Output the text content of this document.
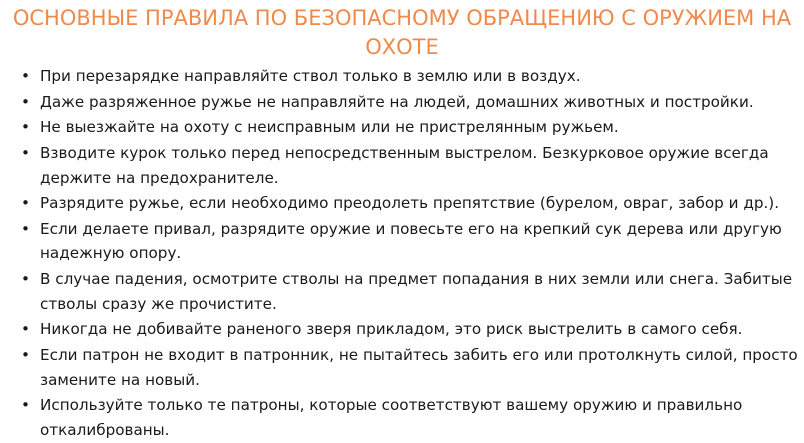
ОСНОВНЫЕ ПРАВИЛА ПО БЕЗОПАСНОМУ ОБРАЩЕНИЮ С ОРУЖИЕМ НА ОХОТЕ
• При перезарядке направляйте ствол только в землю или в воздух.
• Даже разряженное ружье не направляйте на людей, домашних животных и постройки.
• Не выезжайте на охоту с неисправным или не пристрелянным ружьем.
• Взводите курок только перед непосредственным выстрелом. Безкурковое оружие всегда держите на предохранителе.
• Разрядите ружье, если необходимо преодолеть препятствие (бурелом, овраг, забор и др.).
• Если делаете привал, разрядите оружие и повесьте его на крепкий сук дерева или другую надежную опору.
• В случае падения, осмотрите стволы на предмет попадания в них земли или снега. Забитые стволы сразу же прочистите.
• Никогда не добивайте раненого зверя прикладом, это риск выстрелить в самого себя.
• Если патрон не входит в патронник, не пытайтесь забить его или протолкнуть силой, просто замените на новый.
• Используйте только те патроны, которые соответствуют вашему оружию и правильно откалиброваны.
